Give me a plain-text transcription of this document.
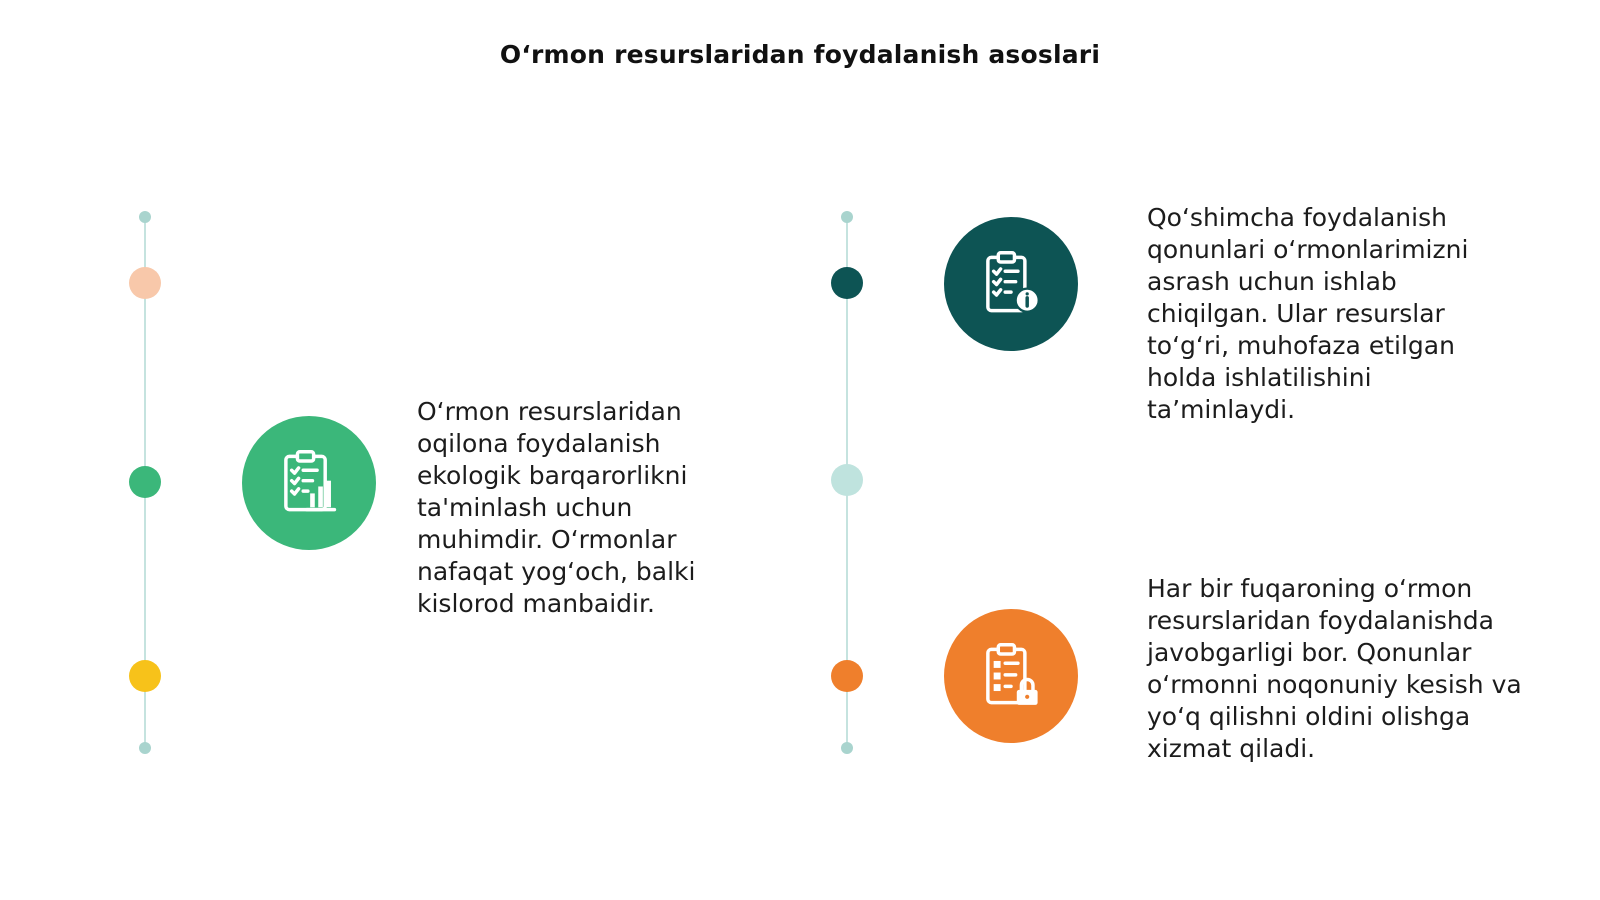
O‘rmon resurslaridan foydalanish asoslari
O‘rmon resurslaridan oqilona foydalanish ekologik barqarorlikni ta'minlash uchun muhimdir. O‘rmonlar nafaqat yog‘och, balki kislorod manbaidir.
Qo‘shimcha foydalanish qonunlari o‘rmonlarimizni asrash uchun ishlab chiqilgan. Ular resurslar to‘g‘ri, muhofaza etilgan holda ishlatilishini ta’minlaydi.
Har bir fuqaroning o‘rmon resurslaridan foydalanishda javobgarligi bor. Qonunlar o‘rmonni noqonuniy kesish va yo‘q qilishni oldini olishga xizmat qiladi.
